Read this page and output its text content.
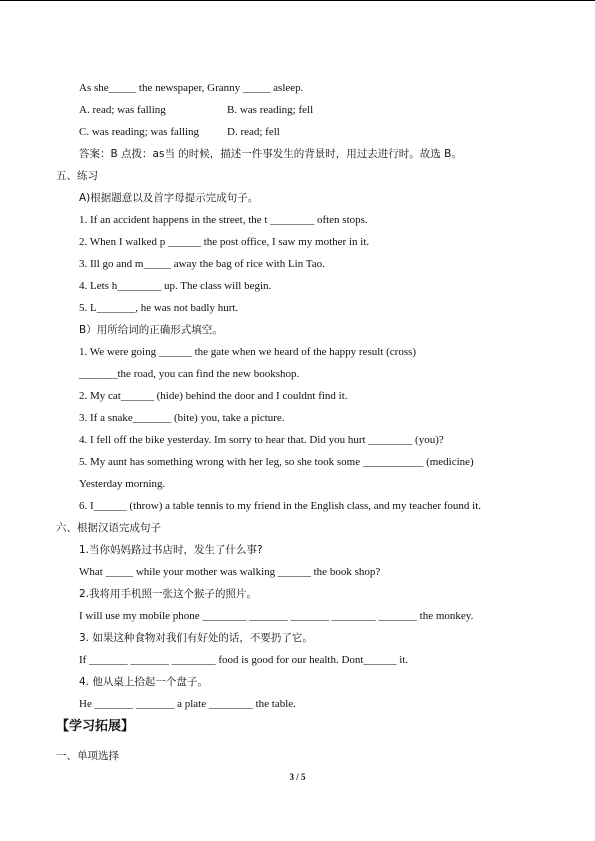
As she_____ the newspaper, Granny _____ asleep.
A. read; was falling	B. was reading; fell
C. was reading; was falling	D. read; fell
答案：B 点拨：as当 的时候，描述一件事发生的背景时，用过去进行时。故选 B。
五、练习
A)根据题意以及首字母提示完成句子。
1. If an accident happens in the street, the t ________ often stops.
2. When I walked p ______ the post office, I saw my mother in it.
3. Ill go and m_____ away the bag of rice with Lin Tao.
4. Lets h________ up. The class will begin.
5. L_______, he was not badly hurt.
B）用所给词的正确形式填空。
1. We were going ______ the gate when we heard of the happy result (cross)
_______the road, you can find the new bookshop.
2. My cat______ (hide) behind the door and I couldnt find it.
3. If a snake_______ (bite) you, take a picture.
4. I fell off the bike yesterday. Im sorry to hear that. Did you hurt ________ (you)?
5. My aunt has something wrong with her leg, so she took some ___________ (medicine)
Yesterday morning.
6. I______ (throw) a table tennis to my friend in the English class, and my teacher found it.
六、根据汉语完成句子
1.当你妈妈路过书店时，发生了什么事?
What _____ while your mother was walking ______ the book shop?
2.我将用手机照一张这个猴子的照片。
I will use my mobile phone ________ _______ _______ ________ _______ the monkey.
3. 如果这种食物对我们有好处的话，不要扔了它。
If _______ _______ ________ food is good for our health. Dont______ it.
4. 他从桌上拾起一个盘子。
He _______ _______ a plate ________ the table.
【学习拓展】
一、单项选择
3 / 5
